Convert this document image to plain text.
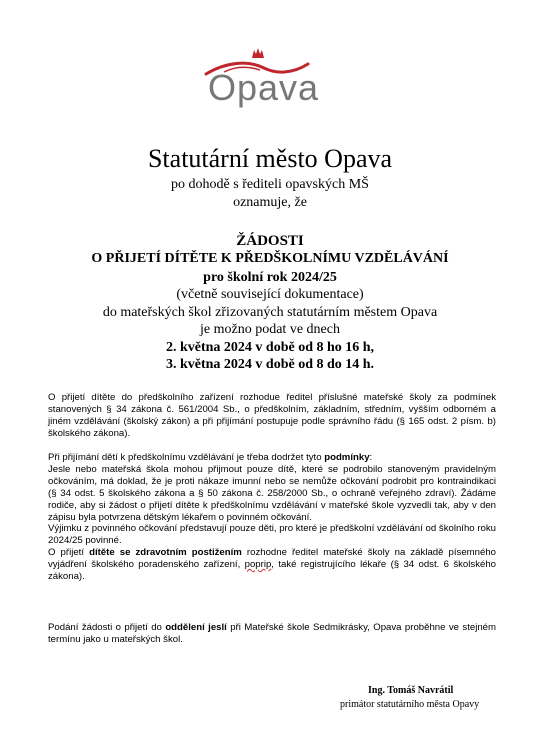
Opava
Statutární město Opava
po dohodě s řediteli opavských MŠ
oznamuje, že
ŽÁDOSTI
O PŘIJETÍ DÍTĚTE K PŘEDŠKOLNÍMU VZDĚLÁVÁNÍ
pro školní rok 2024/25
(včetně související dokumentace)
do mateřských škol zřizovaných statutárním městem Opava
je možno podat ve dnech
2. května 2024 v době od 8 ho 16 h,
3. května 2024 v době od 8 do 14 h.

O přijetí dítěte do předškolního zařízení rozhodue ředitel příslušné mateřské školy za podmínek stanovených § 34 zákona č. 561/2004 Sb., o předškolním, základním, středním, vyšším odborném a jiném vzdělávání (školský zákon) a při přijímání postupuje podle správního řádu (§ 165 odst. 2 písm. b) školského zákona).

Při přijímání dětí k předškolnímu vzdělávání je třeba dodržet tyto podmínky:

Jesle nebo mateřská škola mohou přijmout pouze dítě, které se podrobilo stanoveným pravidelným očkováním, má doklad, že je proti nákaze imunní nebo se nemůže očkování podrobit pro kontraindikaci (§ 34 odst. 5 školského zákona a § 50 zákona č. 258/2000 Sb., o ochraně veřejného zdraví). Žádáme rodiče, aby si žádost o přijetí dítěte k předškolnímu vzdělávání v mateřské škole vyzvedli tak, aby v den zápisu byla potvrzena dětským lékařem o povinném očkování.

Výjimku z povinného očkování představují pouze děti, pro které je předškolní vzdělávání od školního roku 2024/25 povinné.

O přijetí dítěte se zdravotním postižením rozhodne ředitel mateřské školy na základě písemného vyjádření školského poradenského zařízení, poprip, také registrujícího lékaře (§ 34 odst. 6 školského zákona).

Podání žádosti o přijetí do oddělení jeslí při Mateřské škole Sedmikrásky, Opava proběhne ve stejném termínu jako u mateřských škol.

Ing. Tomáš Navrátil
primátor statutárního města Opavy
